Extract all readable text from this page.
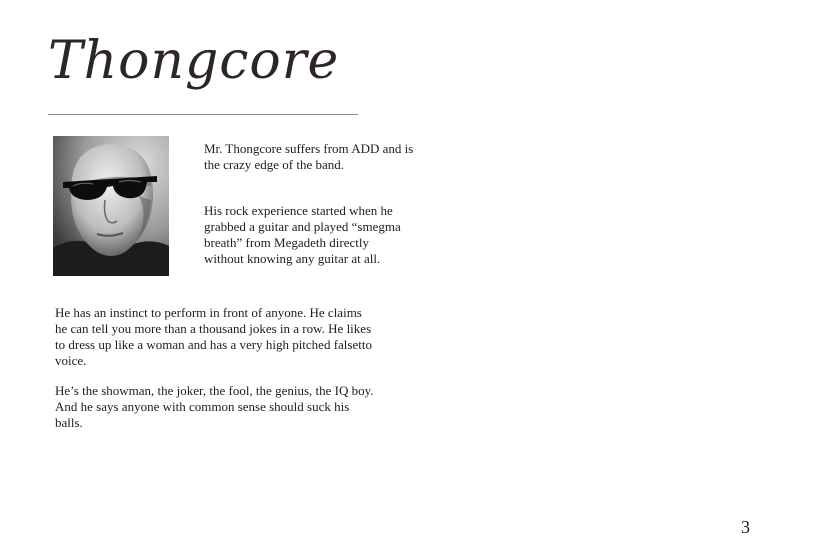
Thongcore
Mr. Thongcore suffers from ADD and is
the crazy edge of the band.
His rock experience started when he
grabbed a guitar and played “smegma
breath” from Megadeth directly
without knowing any guitar at all.
He has an instinct to perform in front of anyone. He claims
he can tell you more than a thousand jokes in a row. He likes
to dress up like a woman and has a very high pitched falsetto
voice.
He’s the showman, the joker, the fool, the genius, the IQ boy.
And he says anyone with common sense should suck his
balls.
3
